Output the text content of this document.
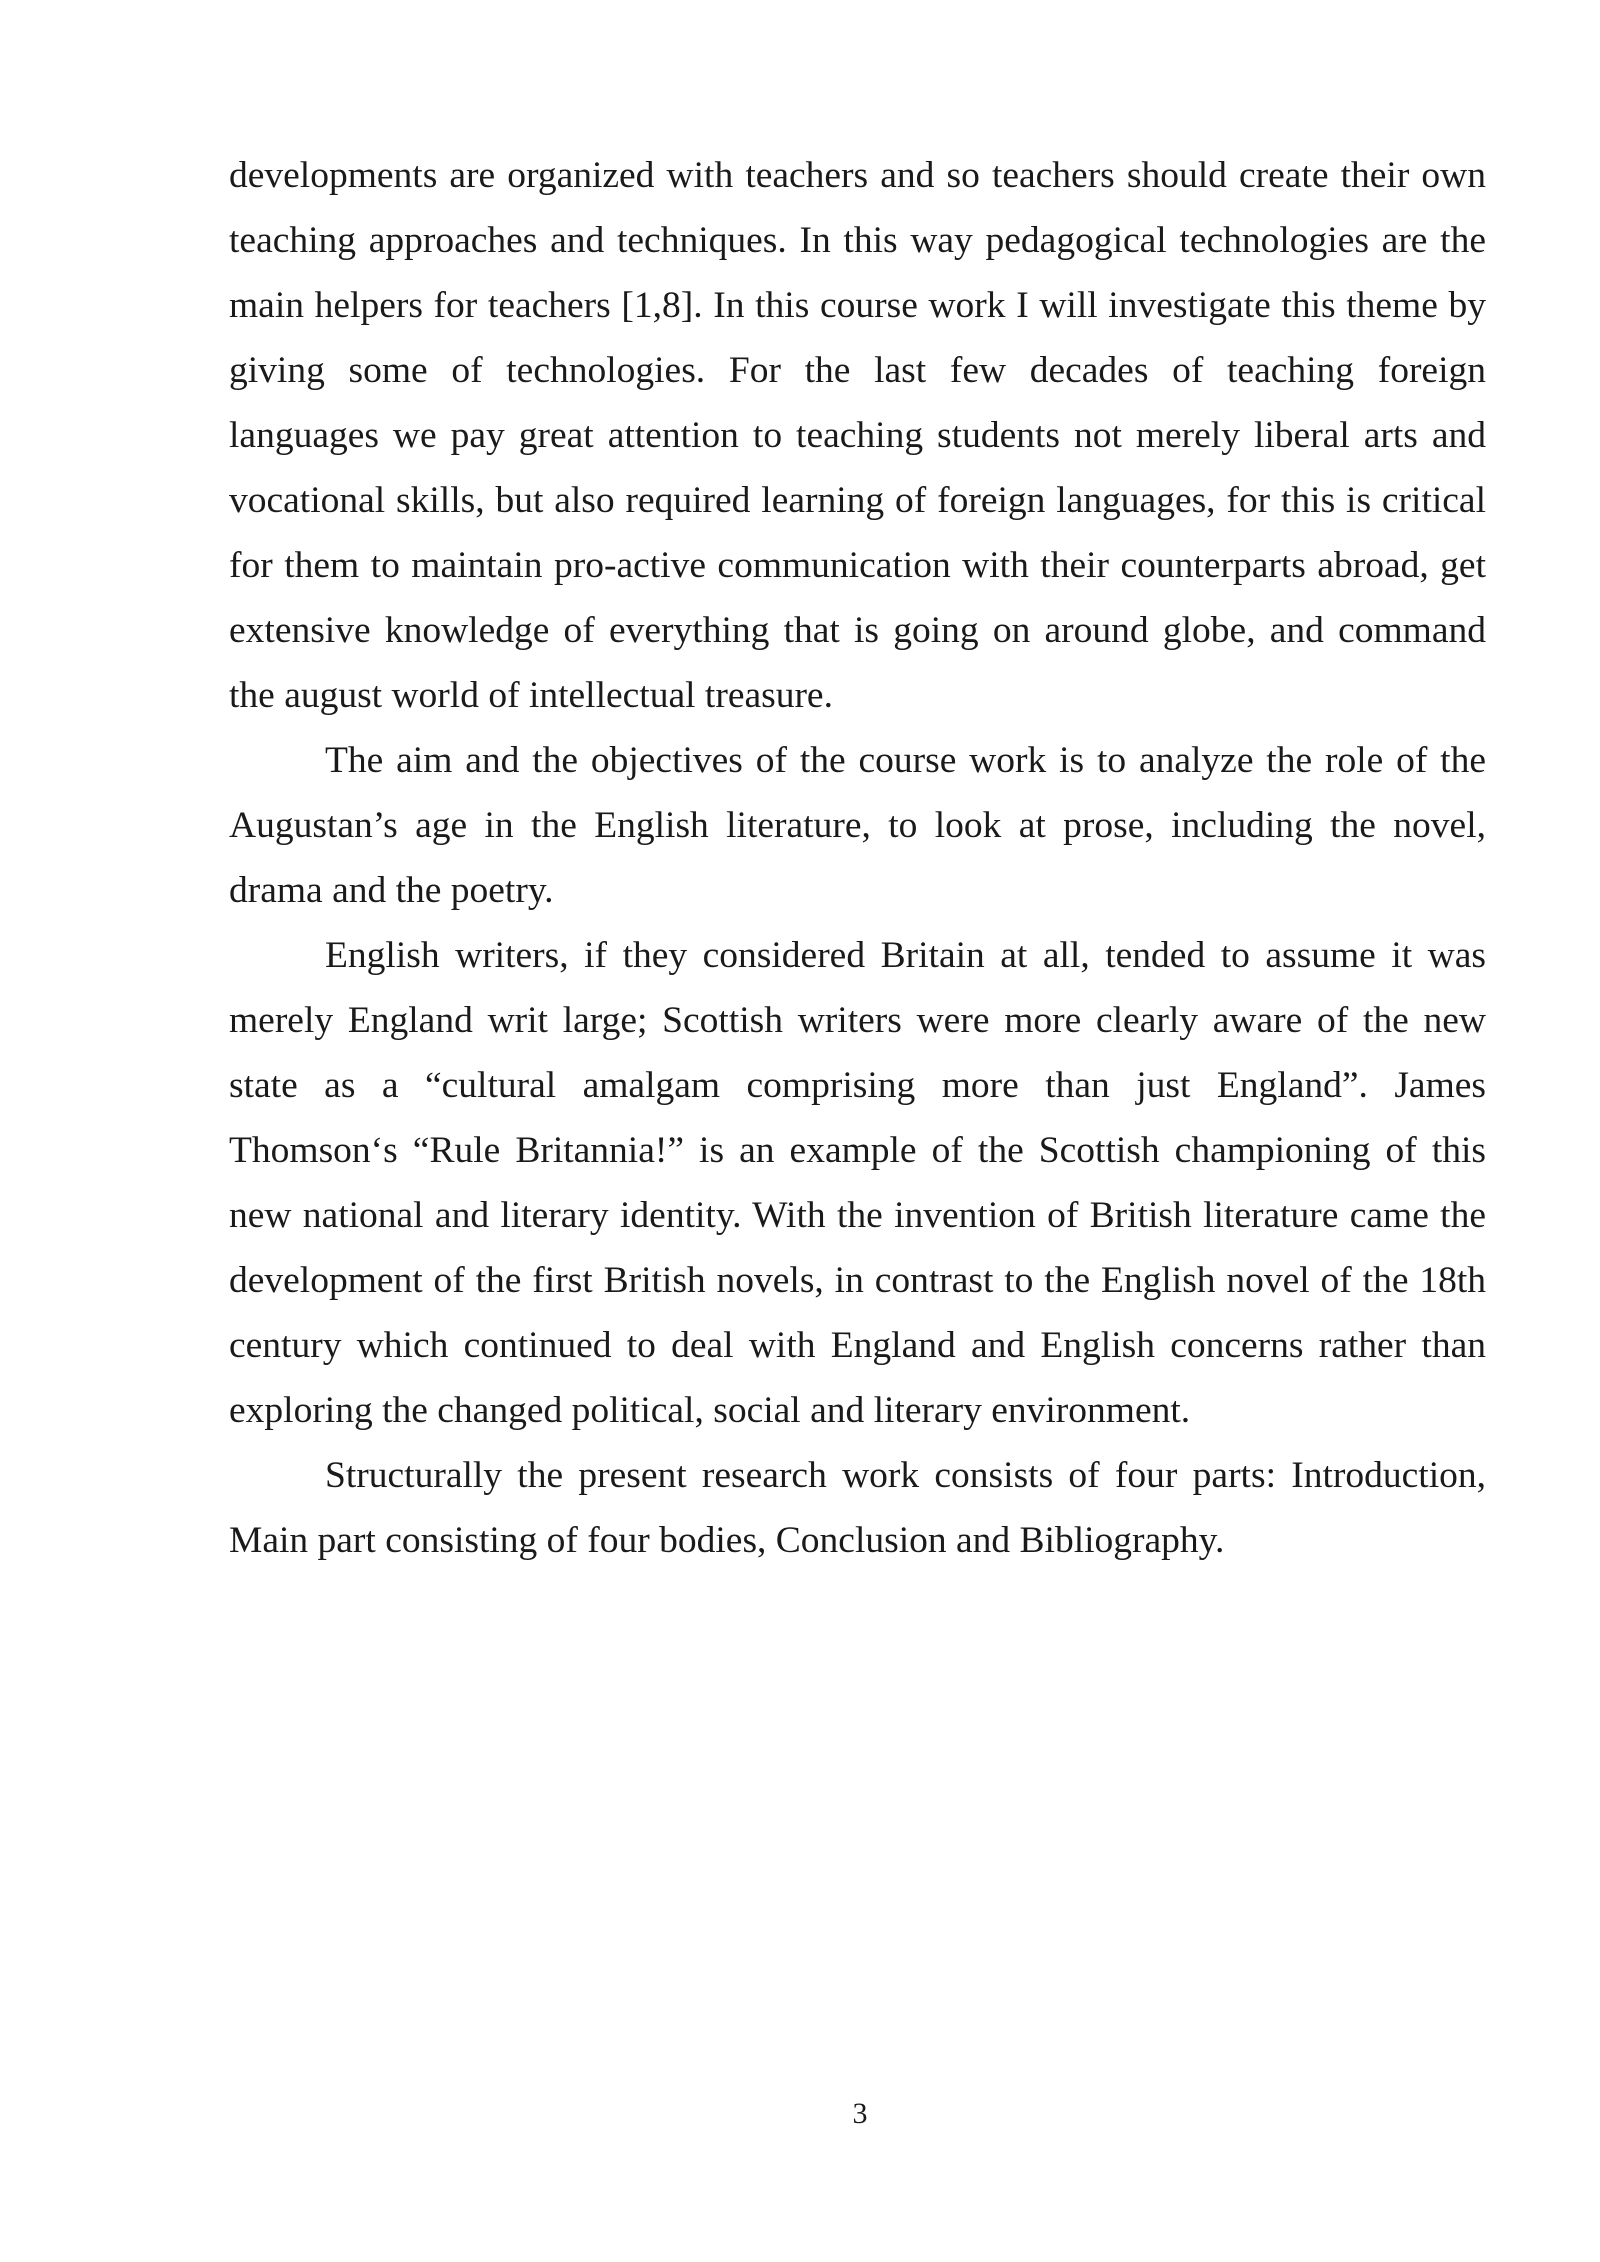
developments are organized with teachers and so teachers should create their own teaching approaches and techniques. In this way pedagogical technologies are the main helpers for teachers [1,8]. In this course work I will investigate this theme by giving some of technologies. For the last few decades of teaching foreign languages we pay great attention to teaching students not merely liberal arts and vocational skills, but also required learning of foreign languages, for this is critical for them to maintain pro-active communication with their counterparts abroad, get extensive knowledge of everything that is going on around globe, and command the august world of intellectual treasure.

The aim and the objectives of the course work is to analyze the role of the Augustan’s age in the English literature, to look at prose, including the novel, drama and the poetry.

English writers, if they considered Britain at all, tended to assume it was merely England writ large; Scottish writers were more clearly aware of the new state as a “cultural amalgam comprising more than just England”. James Thomson‘s “Rule Britannia!” is an example of the Scottish championing of this new national and literary identity. With the invention of British literature came the development of the first British novels, in contrast to the English novel of the 18th century which continued to deal with England and English concerns rather than exploring the changed political, social and literary environment.

Structurally the present research work consists of four parts: Introduction, Main part consisting of four bodies, Conclusion and Bibliography.

3
